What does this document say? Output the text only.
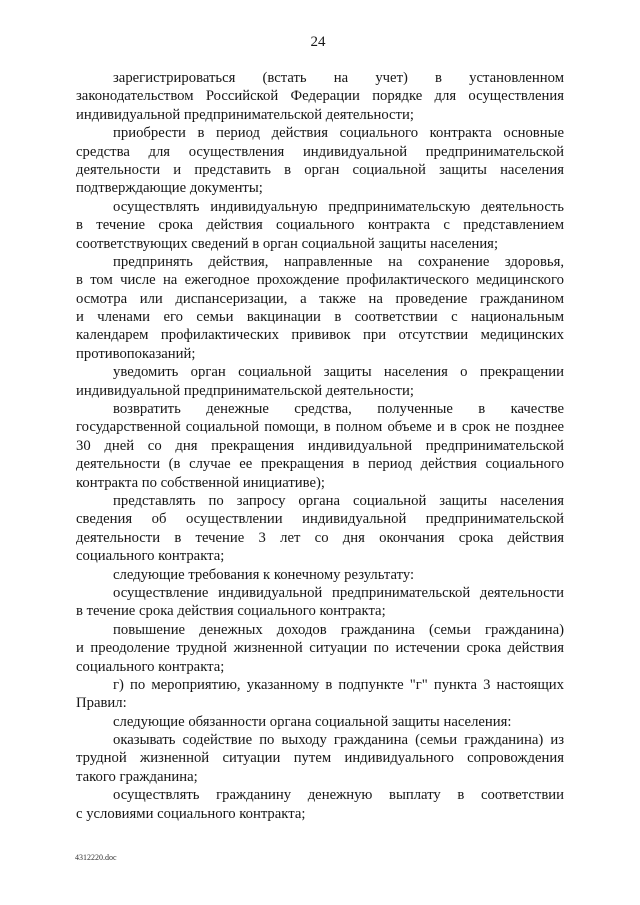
24
зарегистрироваться (встать на учет) в установленном
законодательством Российской Федерации порядке для осуществления
индивидуальной предпринимательской деятельности;
приобрести в период действия социального контракта основные
средства для осуществления индивидуальной предпринимательской
деятельности и представить в орган социальной защиты населения
подтверждающие документы;
осуществлять индивидуальную предпринимательскую деятельность
в течение срока действия социального контракта с представлением
соответствующих сведений в орган социальной защиты населения;
предпринять действия, направленные на сохранение здоровья,
в том числе на ежегодное прохождение профилактического медицинского
осмотра или диспансеризации, а также на проведение гражданином
и членами его семьи вакцинации в соответствии с национальным
календарем профилактических прививок при отсутствии медицинских
противопоказаний;
уведомить орган социальной защиты населения о прекращении
индивидуальной предпринимательской деятельности;
возвратить денежные средства, полученные в качестве
государственной социальной помощи, в полном объеме и в срок не позднее
30 дней со дня прекращения индивидуальной предпринимательской
деятельности (в случае ее прекращения в период действия социального
контракта по собственной инициативе);
представлять по запросу органа социальной защиты населения
сведения об осуществлении индивидуальной предпринимательской
деятельности в течение 3 лет со дня окончания срока действия
социального контракта;
следующие требования к конечному результату:
осуществление индивидуальной предпринимательской деятельности
в течение срока действия социального контракта;
повышение денежных доходов гражданина (семьи гражданина)
и преодоление трудной жизненной ситуации по истечении срока действия
социального контракта;
г) по мероприятию, указанному в подпункте "г" пункта 3 настоящих
Правил:
следующие обязанности органа социальной защиты населения:
оказывать содействие по выходу гражданина (семьи гражданина) из
трудной жизненной ситуации путем индивидуального сопровождения
такого гражданина;
осуществлять гражданину денежную выплату в соответствии
с условиями социального контракта;
4312220.doc
